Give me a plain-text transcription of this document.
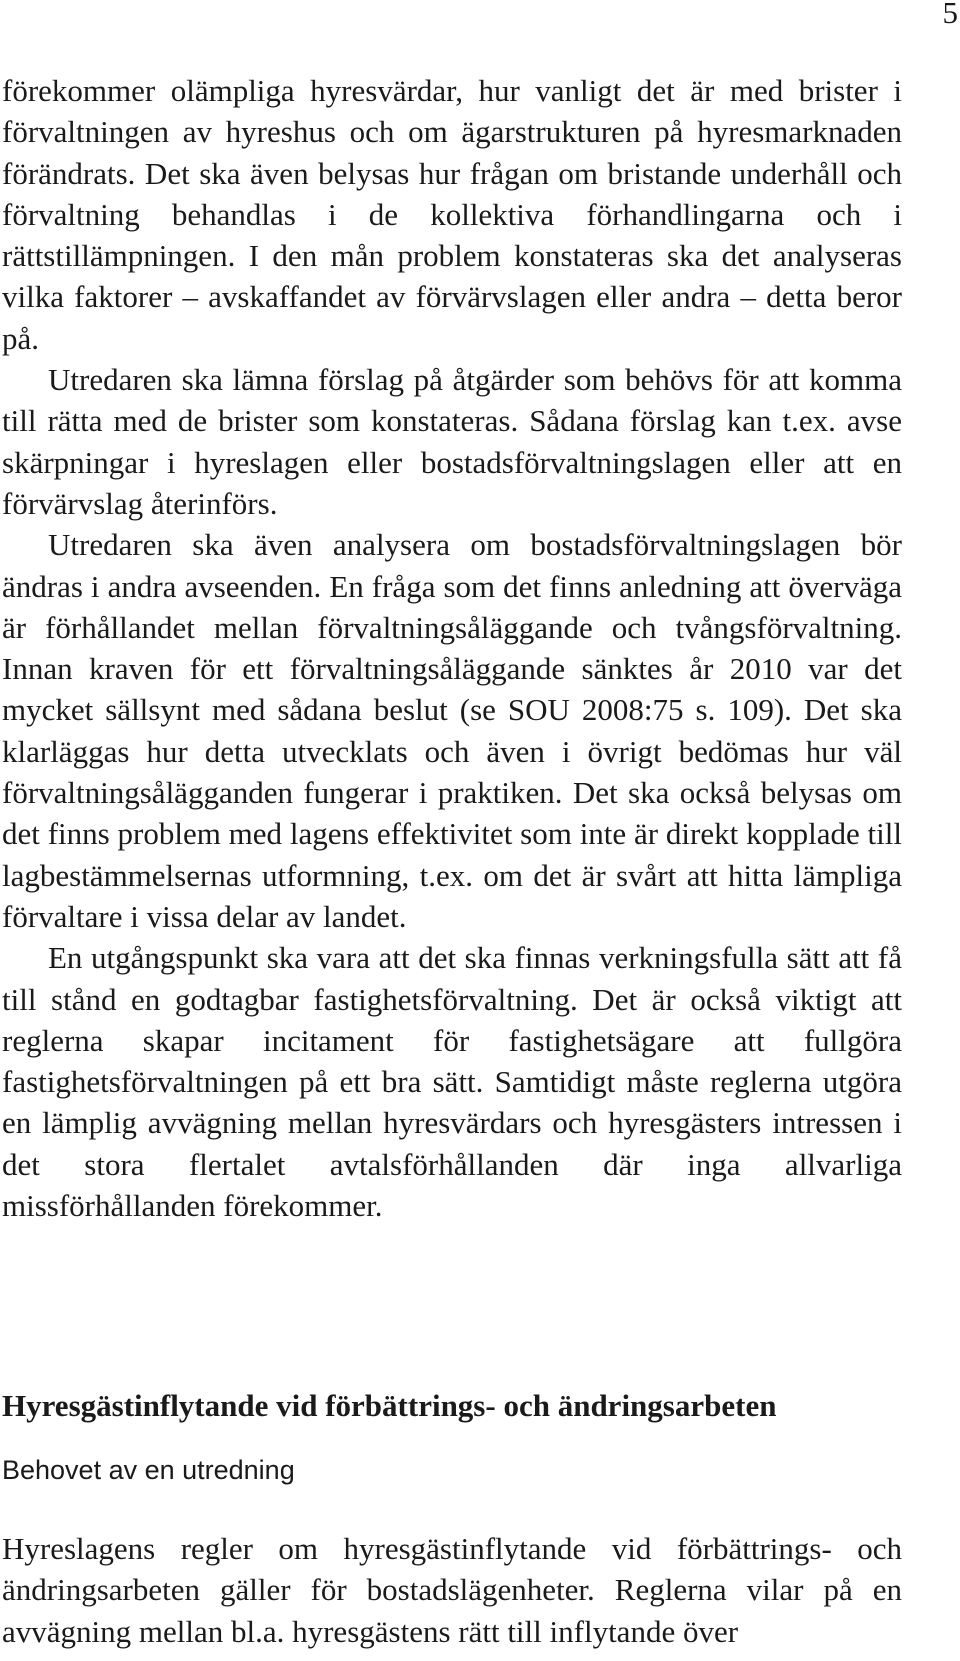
5

förekommer olämpliga hyresvärdar, hur vanligt det är med brister i förvaltningen av hyreshus och om ägarstrukturen på hyresmarknaden förändrats. Det ska även belysas hur frågan om bristande underhåll och förvaltning behandlas i de kollektiva förhandlingarna och i rättstillämpningen. I den mån problem konstateras ska det analyseras vilka faktorer – avskaffandet av förvärvslagen eller andra – detta beror på.

Utredaren ska lämna förslag på åtgärder som behövs för att komma till rätta med de brister som konstateras. Sådana förslag kan t.ex. avse skärpningar i hyreslagen eller bostadsförvaltningslagen eller att en förvärvslag återinförs.

Utredaren ska även analysera om bostadsförvaltningslagen bör ändras i andra avseenden. En fråga som det finns anledning att överväga är förhållandet mellan förvaltningsåläggande och tvångsförvaltning. Innan kraven för ett förvaltningsåläggande sänktes år 2010 var det mycket sällsynt med sådana beslut (se SOU 2008:75 s. 109). Det ska klarläggas hur detta utvecklats och även i övrigt bedömas hur väl förvaltningsålägganden fungerar i praktiken. Det ska också belysas om det finns problem med lagens effektivitet som inte är direkt kopplade till lagbestämmelsernas utformning, t.ex. om det är svårt att hitta lämpliga förvaltare i vissa delar av landet.

En utgångspunkt ska vara att det ska finnas verkningsfulla sätt att få till stånd en godtagbar fastighetsförvaltning. Det är också viktigt att reglerna skapar incitament för fastighetsägare att fullgöra fastighetsförvaltningen på ett bra sätt. Samtidigt måste reglerna utgöra en lämplig avvägning mellan hyresvärdars och hyresgästers intressen i det stora flertalet avtalsförhållanden där inga allvarliga missförhållanden förekommer.

Hyresgästinflytande vid förbättrings- och ändringsarbeten
Behovet av en utredning

Hyreslagens regler om hyresgästinflytande vid förbättrings- och ändringsarbeten gäller för bostadslägenheter. Reglerna vilar på en avvägning mellan bl.a. hyresgästens rätt till inflytande över
